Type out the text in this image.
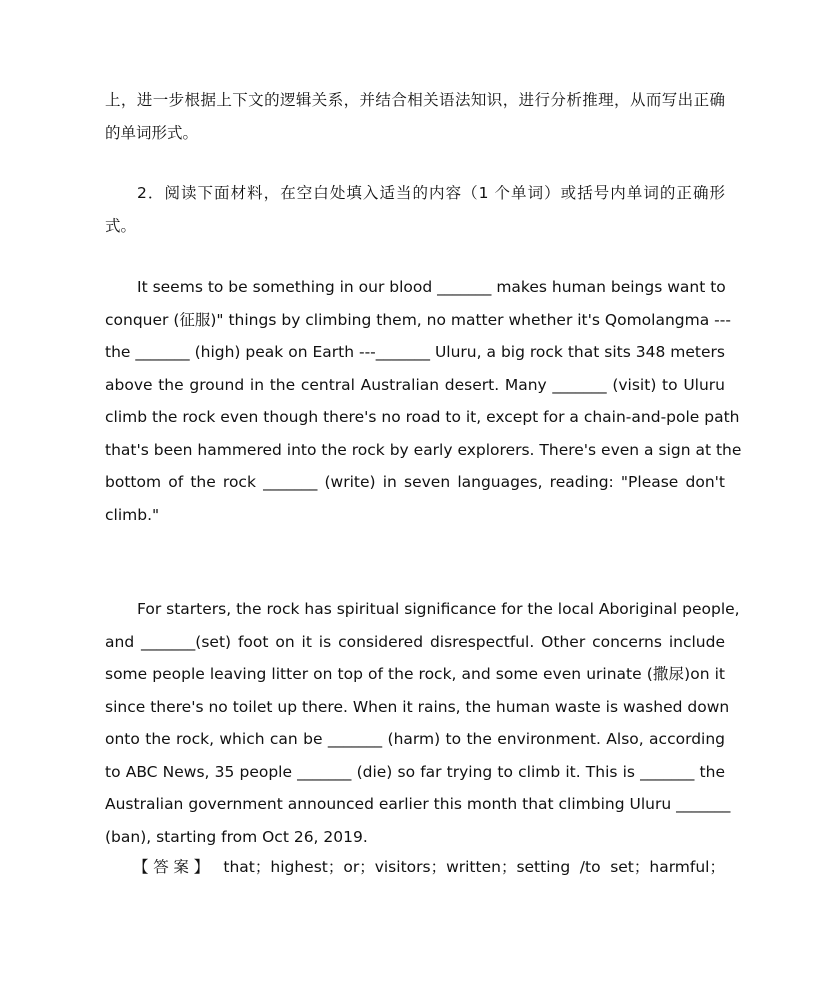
上，进一步根据上下文的逻辑关系，并结合相关语法知识，进行分析推理，从而写出正确
的单词形式。
2．阅读下面材料，在空白处填入适当的内容（1 个单词）或括号内单词的正确形
式。
It seems to be something in our blood _______ makes human beings want to
conquer (征服)" things by climbing them, no matter whether it's Qomolangma ---
the _______ (high) peak on Earth ---_______ Uluru, a big rock that sits 348 meters
above the ground in the central Australian desert. Many _______ (visit) to Uluru
climb the rock even though there's no road to it, except for a chain-and-pole path
that's been hammered into the rock by early explorers. There's even a sign at the
bottom of the rock _______ (write) in seven languages, reading: "Please don't
climb."
For starters, the rock has spiritual significance for the local Aboriginal people,
and _______(set) foot on it is considered disrespectful. Other concerns include
some people leaving litter on top of the rock, and some even urinate (撒尿)on it
since there's no toilet up there. When it rains, the human waste is washed down
onto the rock, which can be _______ (harm) to the environment. Also, according
to ABC News, 35 people _______ (die) so far trying to climb it. This is _______ the
Australian government announced earlier this month that climbing Uluru _______
(ban), starting from Oct 26, 2019.
【答案】 that；highest；or；visitors；written；setting /to set；harmful；
